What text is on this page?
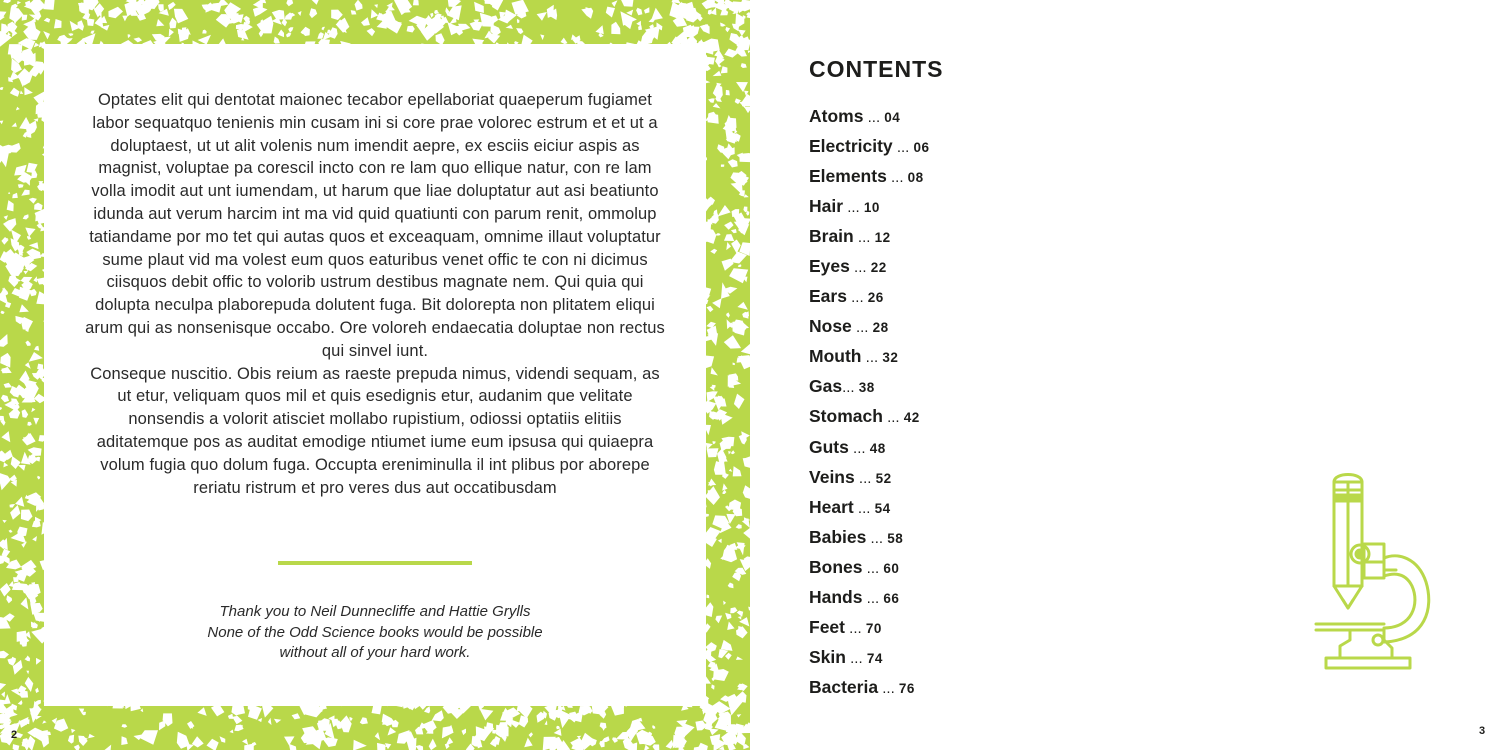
Optates elit qui dentotat maionec tecabor epellaboriat quaeperum fugiamet labor sequatquo tenienis min cusam ini si core prae volorec estrum et et ut a doluptaest, ut ut alit volenis num imendit aepre, ex esciis eiciur aspis as magnist, voluptae pa corescil incto con re lam quo ellique natur, con re lam volla imodit aut unt iumendam, ut harum que liae doluptatur aut asi beatiunto idunda aut verum harcim int ma vid quid quatiunti con parum renit, ommolup tatiandame por mo tet qui autas quos et exceaquam, omnime illaut voluptatur sume plaut vid ma volest eum quos eaturibus venet offic te con ni dicimus ciisquos debit offic to volorib ustrum destibus magnate nem. Qui quia qui dolupta neculpa plaborepuda dolutent fuga. Bit dolorepta non plitatem eliqui arum qui as nonsenisque occabo. Ore voloreh endaecatia doluptae non rectus qui sinvel iunt.

Conseque nuscitio. Obis reium as raeste prepuda nimus, videndi sequam, as ut etur, veliquam quos mil et quis esedignis etur, audanim que velitate nonsendis a volorit atisciet mollabo rupistium, odiossi optatiis elitiis aditatemque pos as auditat emodige ntiumet iume eum ipsusa qui quiaepra volum fugia quo dolum fuga. Occupta ereniminulla il int plibus por aborepe reriatu ristrum et pro veres dus aut occatibusdam

Thank you to Neil Dunnecliffe and Hattie Grylls
None of the Odd Science books would be possible
without all of your hard work.
2
CONTENTS
Atoms ... 04
Electricity ... 06
Elements ... 08
Hair ... 10
Brain ... 12
Eyes ... 22
Ears ... 26
Nose ... 28
Mouth ... 32
Gas... 38
Stomach ... 42
Guts ... 48
Veins ... 52
Heart ... 54
Babies ... 58
Bones ... 60
Hands ... 66
Feet ... 70
Skin ... 74
Bacteria ... 76
3
